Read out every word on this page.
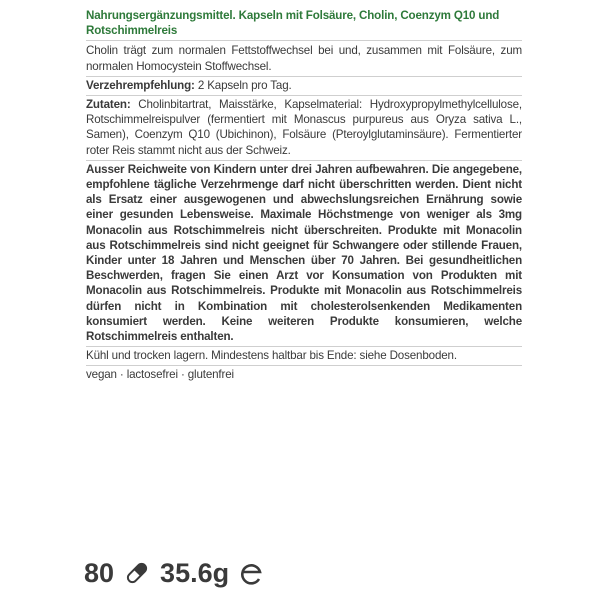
Nahrungsergänzungsmittel. Kapseln mit Folsäure, Cholin, Coenzym Q10 und Rotschimmelreis
Cholin trägt zum normalen Fettstoffwechsel bei und, zusammen mit Folsäure, zum normalen Homocystein Stoffwechsel.
Verzehrempfehlung: 2 Kapseln pro Tag.
Zutaten: Cholinbitartrat, Maisstärke, Kapselmaterial: Hydroxypropylmethylcellulose, Rotschimmelreispulver (fermentiert mit Monascus purpureus aus Oryza sativa L., Samen), Coenzym Q10 (Ubichinon), Folsäure (Pteroylglutaminsäure). Fermentierter roter Reis stammt nicht aus der Schweiz.
Ausser Reichweite von Kindern unter drei Jahren aufbewahren. Die angegebene, empfohlene tägliche Verzehrmenge darf nicht überschritten werden. Dient nicht als Ersatz einer ausgewogenen und abwechslungsreichen Ernährung sowie einer gesunden Lebensweise. Maximale Höchstmenge von weniger als 3mg Monacolin aus Rotschimmelreis nicht überschreiten. Produkte mit Monacolin aus Rotschimmelreis sind nicht geeignet für Schwangere oder stillende Frauen, Kinder unter 18 Jahren und Menschen über 70 Jahren. Bei gesundheitlichen Beschwerden, fragen Sie einen Arzt vor Konsumation von Produkten mit Monacolin aus Rotschimmelreis. Produkte mit Monacolin aus Rotschimmelreis dürfen nicht in Kombination mit cholesterolsenkenden Medikamenten konsumiert werden. Keine weiteren Produkte konsumieren, welche Rotschimmelreis enthalten.
Kühl und trocken lagern. Mindestens haltbar bis Ende: siehe Dosenboden.
vegan · lactosefrei · glutenfrei
80 35.6g
